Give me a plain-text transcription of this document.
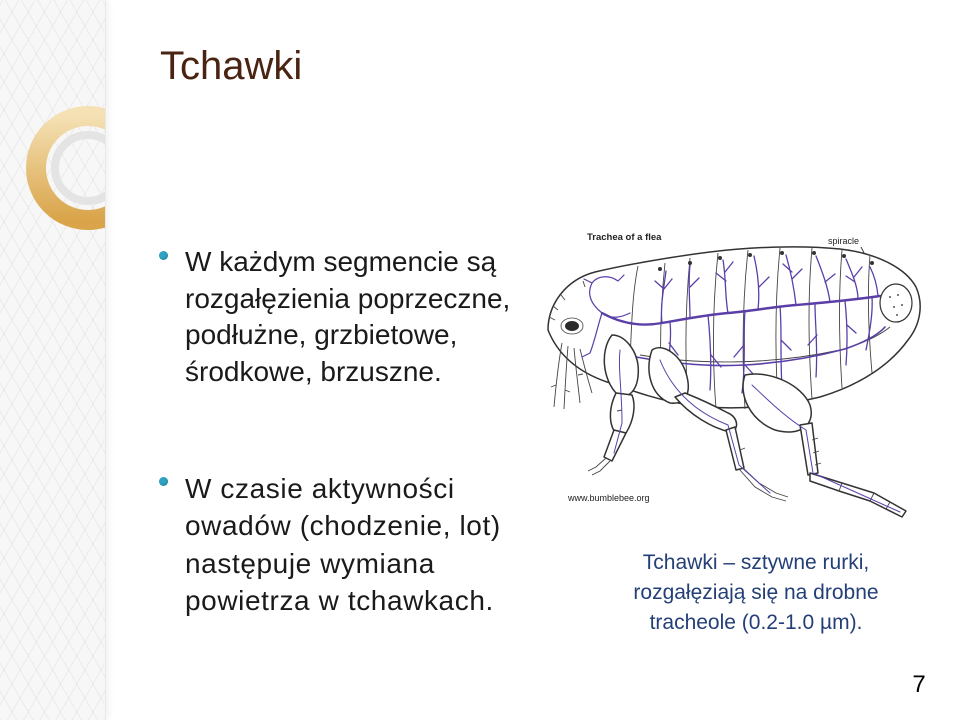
Tchawki
W każdym segmencie są
rozgałęzienia poprzeczne,
podłużne, grzbietowe,
środkowe, brzuszne.
W czasie aktywności
owadów (chodzenie, lot)
następuje wymiana
powietrza w tchawkach.
Trachea of a flea	spiracle
www.bumblebee.org
Tchawki – sztywne rurki,
rozgałęziają się na drobne
tracheole (0.2-1.0 µm).
7
